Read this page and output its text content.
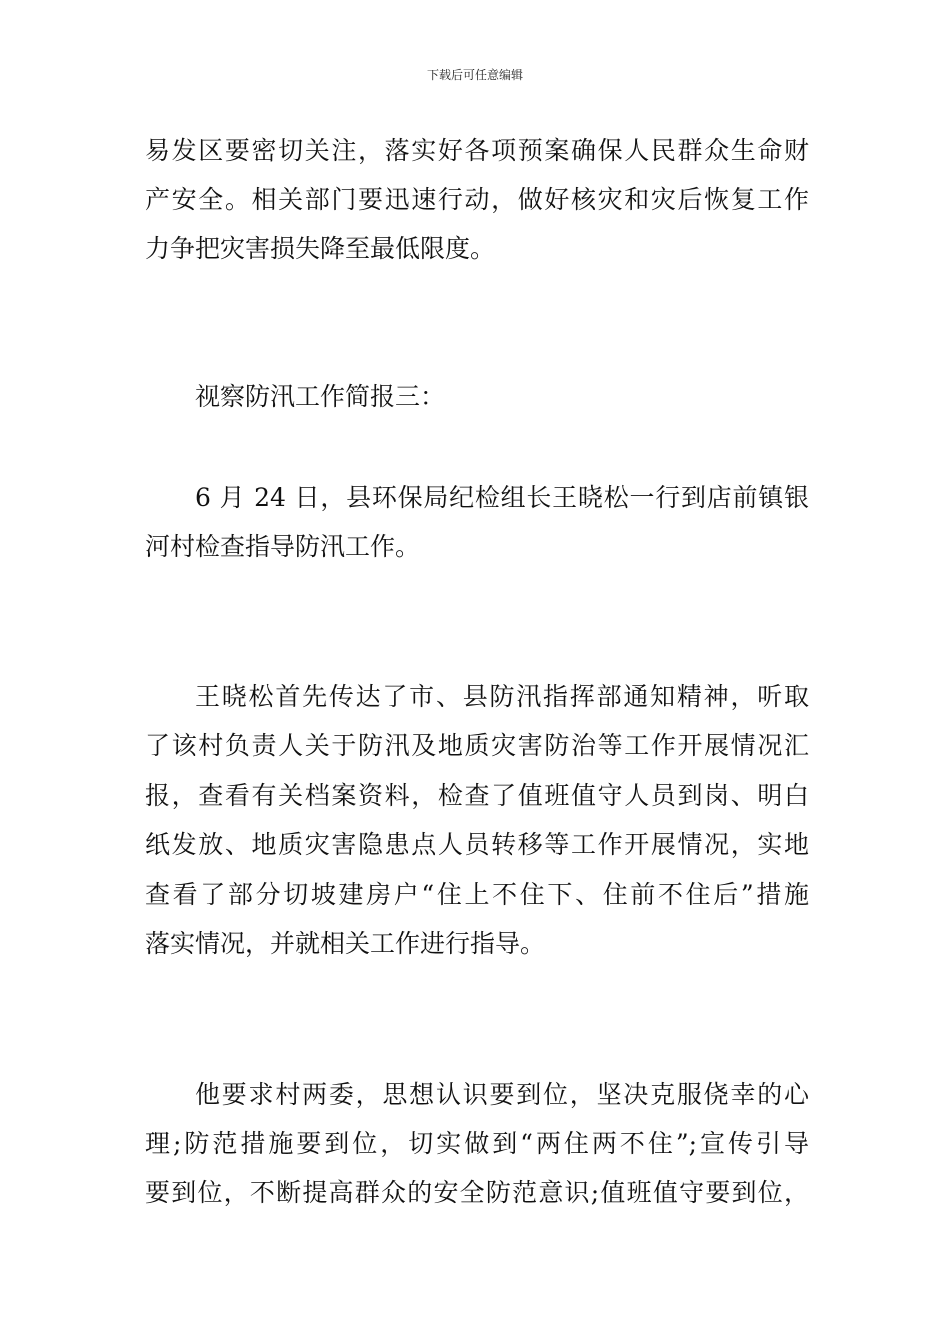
下载后可任意编辑
易发区要密切关注，落实好各项预案确保人民群众生命财
产安全。相关部门要迅速行动，做好核灾和灾后恢复工作
力争把灾害损失降至最低限度。
视察防汛工作简报三：
6 月 24 日，县环保局纪检组长王晓松一行到店前镇银
河村检查指导防汛工作。
王晓松首先传达了市、县防汛指挥部通知精神，听取
了该村负责人关于防汛及地质灾害防治等工作开展情况汇
报，查看有关档案资料，检查了值班值守人员到岗、明白
纸发放、地质灾害隐患点人员转移等工作开展情况，实地
查看了部分切坡建房户“住上不住下、住前不住后”措施
落实情况，并就相关工作进行指导。
他要求村两委，思想认识要到位，坚决克服侥幸的心
理;防范措施要到位，切实做到“两住两不住”;宣传引导
要到位，不断提高群众的安全防范意识;值班值守要到位，
